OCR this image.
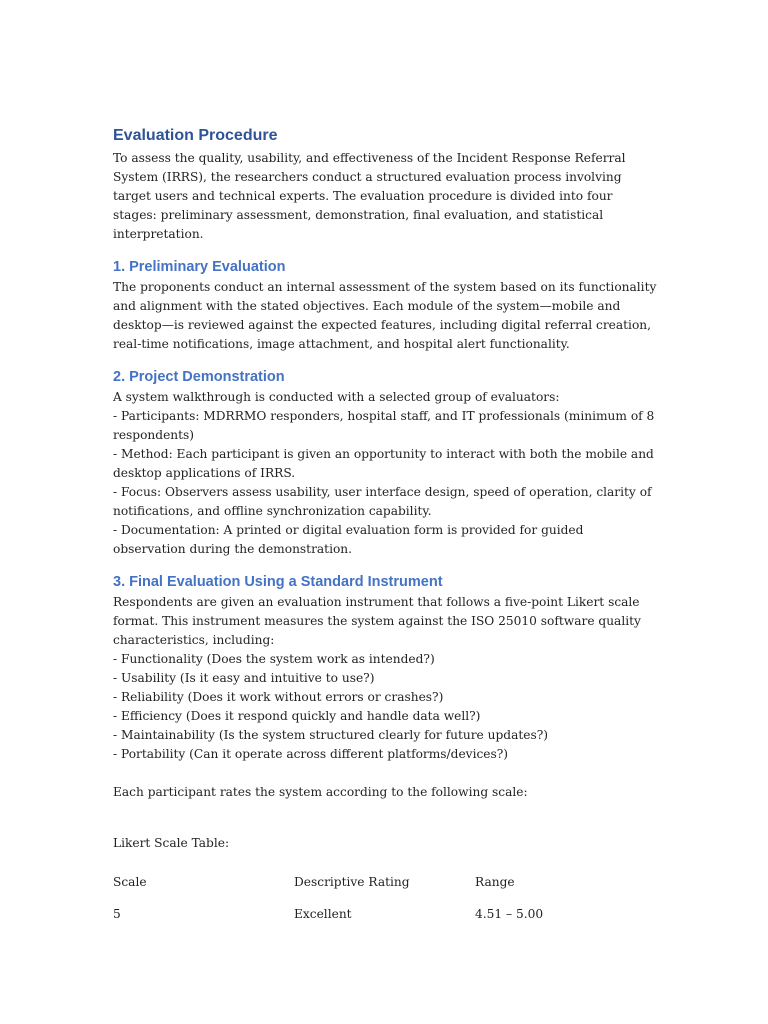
Evaluation Procedure

To assess the quality, usability, and effectiveness of the Incident Response Referral System (IRRS), the researchers conduct a structured evaluation process involving target users and technical experts. The evaluation procedure is divided into four stages: preliminary assessment, demonstration, final evaluation, and statistical interpretation.

1. Preliminary Evaluation

The proponents conduct an internal assessment of the system based on its functionality and alignment with the stated objectives. Each module of the system—mobile and desktop—is reviewed against the expected features, including digital referral creation, real-time notifications, image attachment, and hospital alert functionality.

2. Project Demonstration
A system walkthrough is conducted with a selected group of evaluators:
- Participants: MDRRMO responders, hospital staff, and IT professionals (minimum of 8 respondents)
- Method: Each participant is given an opportunity to interact with both the mobile and desktop applications of IRRS.
- Focus: Observers assess usability, user interface design, speed of operation, clarity of notifications, and offline synchronization capability.
- Documentation: A printed or digital evaluation form is provided for guided observation during the demonstration.
3. Final Evaluation Using a Standard Instrument
Respondents are given an evaluation instrument that follows a five-point Likert scale format. This instrument measures the system against the ISO 25010 software quality characteristics, including:
- Functionality (Does the system work as intended?)
- Usability (Is it easy and intuitive to use?)
- Reliability (Does it work without errors or crashes?)
- Efficiency (Does it respond quickly and handle data well?)
- Maintainability (Is the system structured clearly for future updates?)
- Portability (Can it operate across different platforms/devices?)
Each participant rates the system according to the following scale:
Likert Scale Table:
Scale	Descriptive Rating	Range
5	Excellent	4.51 – 5.00
